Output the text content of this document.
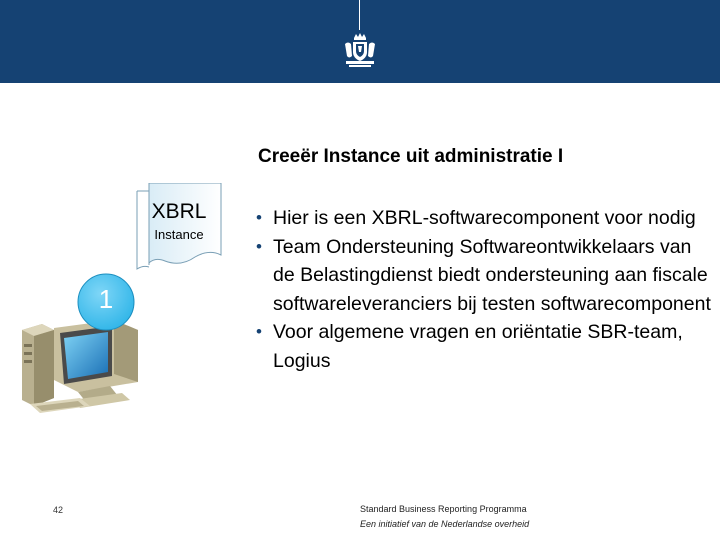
Creeër Instance uit administratie I
XBRL
Instance
1
• Hier is een XBRL-softwarecomponent voor nodig
• Team Ondersteuning Softwareontwikkelaars van de Belastingdienst biedt ondersteuning aan fiscale softwareleveranciers bij testen softwarecomponent
• Voor algemene vragen en oriëntatie SBR-team, Logius
42	Standard Business Reporting Programma
Een initiatief van de Nederlandse overheid
